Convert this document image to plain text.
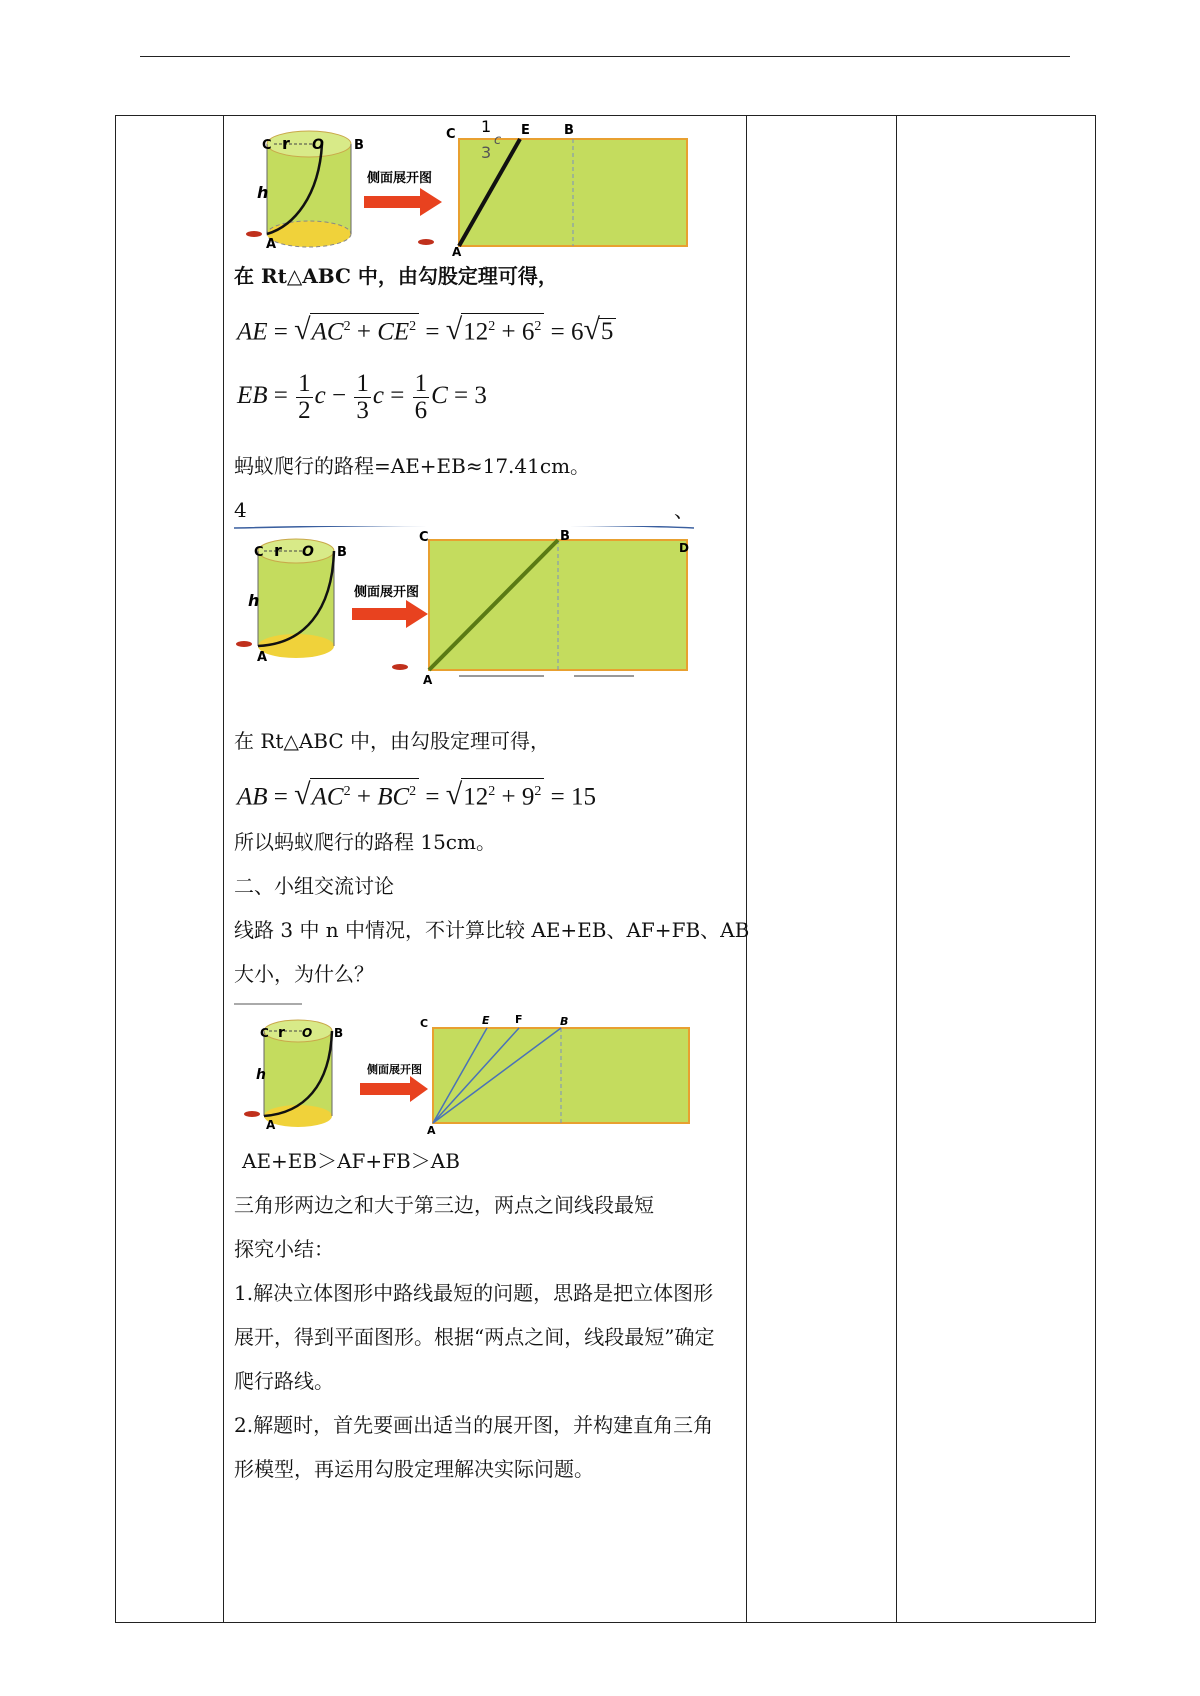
C r O B
h
A
侧面展开图
C 1
c
3
E	B
A
在 Rt△ABC 中，由勾股定理可得，
AE = $√AC^2 + CE^2 = √12^2 + 6^2 = 6√5$
EB = $\frac{1}{2}$ $c - \frac{1}{3}$ $c = \frac{1}{6}$ C = 3
蚂蚁爬行的路程=AE+EB≈17.41cm。
4	、
C r O B
h
A
侧面展开图
C	B
D
A
在 Rt△ABC 中，由勾股定理可得，
AB = $√AC^2 + BC^2 = √12^2 + 9^2 = 15$
所以蚂蚁爬行的路程 15cm。
二、小组交流讨论
线路 3 中 n 中情况，不计算比较 AE+EB、AF+FB、AB
大小，为什么？
C r O B
h
A
侧面展开图
C	E F	B
A
AE+EB＞AF+FB＞AB
三角形两边之和大于第三边，两点之间线段最短
探究小结：
1.解决立体图形中路线最短的问题，思路是把立体图形
展开，得到平面图形。根据“两点之间，线段最短”确定
爬行路线。
2.解题时，首先要画出适当的展开图，并构建直角三角
形模型，再运用勾股定理解决实际问题。
